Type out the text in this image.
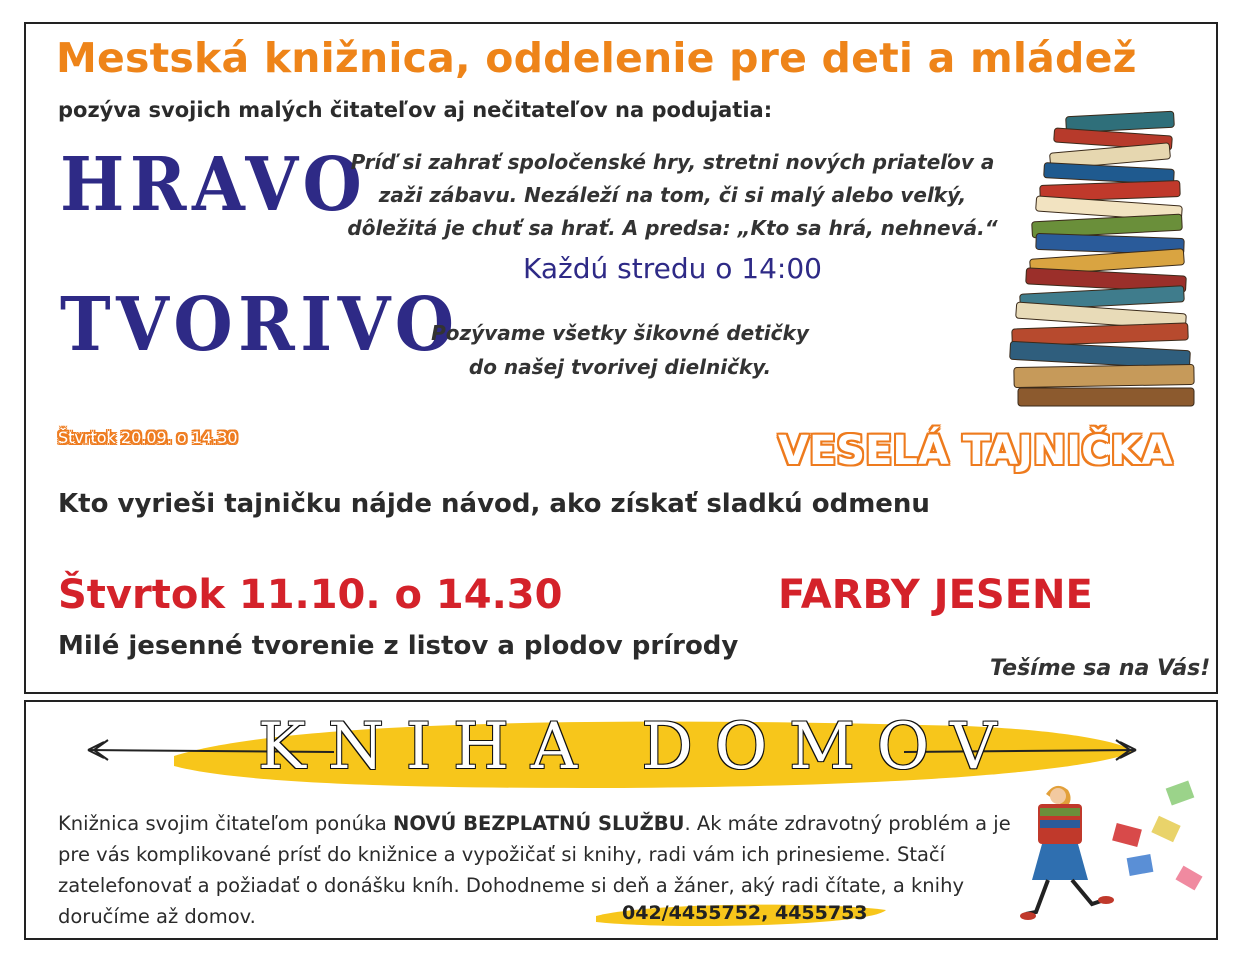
Mestská knižnica, oddelenie pre deti a mládež
pozýva svojich malých čitateľov aj nečitateľov na podujatia:
HRAVO
Príď si zahrať spoločenské hry, stretni nových priateľov a zaži zábavu. Nezáleží na tom, či si malý alebo veľký, dôležitá je chuť sa hrať. A predsa: „Kto sa hrá, nehnevá.“
Každú stredu o 14:00
TVORIVO
Pozývame všetky šikovné detičky do našej tvorivej dielničky.
Štvrtok 20.09. o 14.30	VESELÁ TAJNIČKA
Kto vyrieši tajničku nájde návod, ako získať sladkú odmenu
Štvrtok 11.10. o 14.30	FARBY JESENE
Milé jesenné tvorenie z listov a plodov prírody
Tešíme sa na Vás!
KNIHA DOMOV
Knižnica svojim čitateľom ponúka NOVÚ BEZPLATNÚ SLUŽBU. Ak máte zdravotný problém a je pre vás komplikované prísť do knižnice a vypožičať si knihy, radi vám ich prinesieme. Stačí zatelefonovať a požiadať o donášku kníh. Dohodneme si deň a žáner, aký radi čítate, a knihy doručíme až domov.	042/4455752, 4455753
